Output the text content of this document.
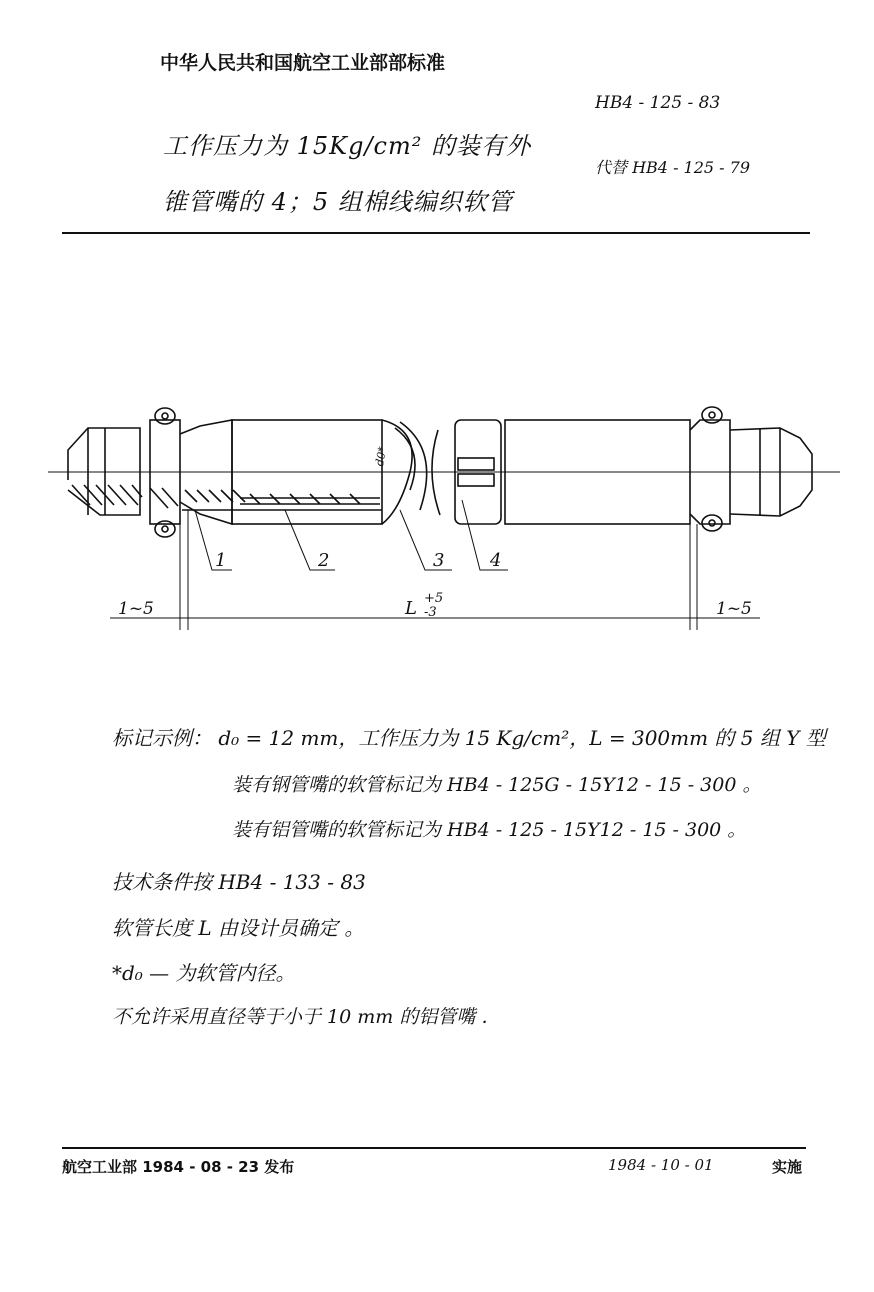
中华人民共和国航空工业部部标准
HB4 - 125 - 83
工作压力为 15Kg/cm² 的装有外
代替 HB4 - 125 - 79
锥管嘴的 4；5 组棉线编织软管
1	2	3	4
1~5	L +5
-3	1~5
d0*
标记示例： d₀ = 12 mm，工作压力为 15 Kg/cm²，L = 300mm 的 5 组 Y 型
装有钢管嘴的软管标记为 HB4 - 125G - 15Y12 - 15 - 300 。
装有铝管嘴的软管标记为 HB4 - 125 - 15Y12 - 15 - 300 。
技术条件按 HB4 - 133 - 83
软管长度 L 由设计员确定 。
*d₀ — 为软管内径。
不允许采用直径等于小于 10 mm 的铝管嘴 ．
航空工业部 1984 - 08 - 23 发布	1984 - 10 - 01	实施
